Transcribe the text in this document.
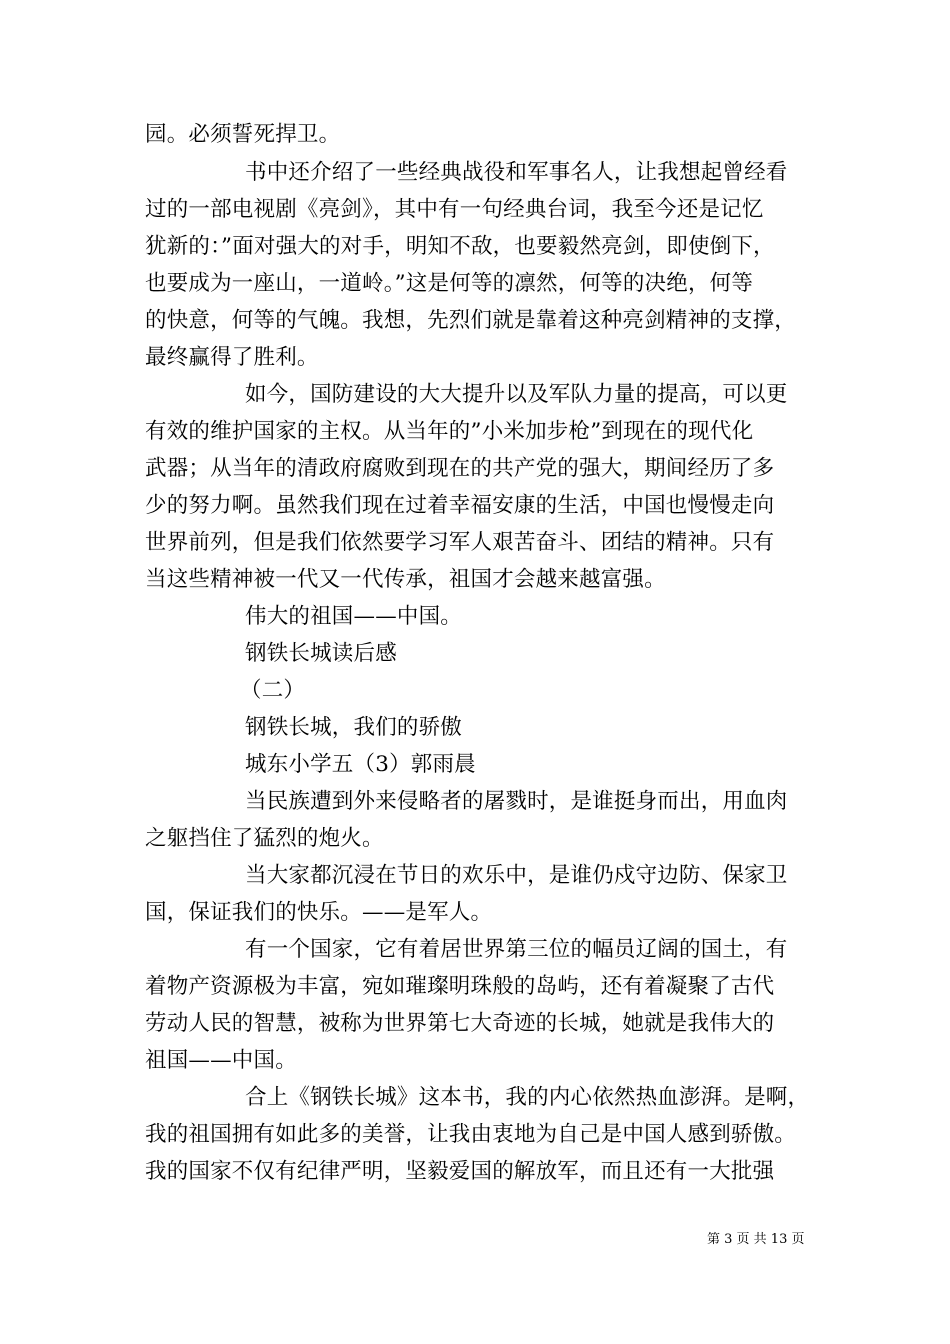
园。必须誓死捍卫。
书中还介绍了一些经典战役和军事名人，让我想起曾经看
过的一部电视剧《亮剑》，其中有一句经典台词，我至今还是记忆
犹新的：”面对强大的对手，明知不敌，也要毅然亮剑，即使倒下，
也要成为一座山，一道岭。”这是何等的凛然，何等的决绝，何等
的快意，何等的气魄。我想，先烈们就是靠着这种亮剑精神的支撑，
最终赢得了胜利。
如今，国防建设的大大提升以及军队力量的提高，可以更
有效的维护国家的主权。从当年的”小米加步枪”到现在的现代化
武器；从当年的清政府腐败到现在的共产党的强大，期间经历了多
少的努力啊。虽然我们现在过着幸福安康的生活，中国也慢慢走向
世界前列，但是我们依然要学习军人艰苦奋斗、团结的精神。只有
当这些精神被一代又一代传承，祖国才会越来越富强。
伟大的祖国——中国。
钢铁长城读后感
（二）
钢铁长城，我们的骄傲
城东小学五（3）郭雨晨
当民族遭到外来侵略者的屠戮时，是谁挺身而出，用血肉
之躯挡住了猛烈的炮火。
当大家都沉浸在节日的欢乐中，是谁仍戍守边防、保家卫
国，保证我们的快乐。——是军人。
有一个国家，它有着居世界第三位的幅员辽阔的国土，有
着物产资源极为丰富，宛如璀璨明珠般的岛屿，还有着凝聚了古代
劳动人民的智慧，被称为世界第七大奇迹的长城，她就是我伟大的
祖国——中国。
合上《钢铁长城》这本书，我的内心依然热血澎湃。是啊，
我的祖国拥有如此多的美誉，让我由衷地为自己是中国人感到骄傲。
我的国家不仅有纪律严明，坚毅爱国的解放军，而且还有一大批强
第 3 页 共 13 页
